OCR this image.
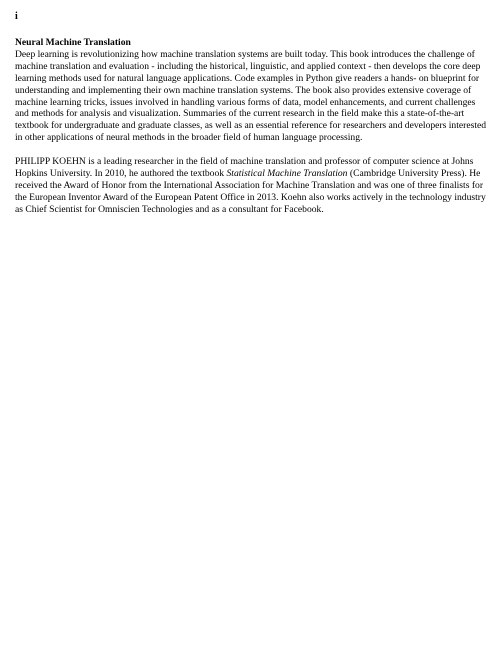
i

Neural Machine Translation

Deep learning is revolutionizing how machine translation systems are built today. This book introduces the challenge of machine translation and evaluation - including the historical, linguistic, and applied context - then develops the core deep learning methods used for natural language applications. Code examples in Python give readers a hands- on blueprint for understanding and implementing their own machine translation systems. The book also provides extensive coverage of machine learning tricks, issues involved in handling various forms of data, model enhancements, and current challenges and methods for analysis and visualization. Summaries of the current research in the field make this a state-of-the-art textbook for undergraduate and graduate classes, as well as an essential reference for researchers and developers interested in other applications of neural methods in the broader field of human language processing.

PHILIPP KOEHN is a leading researcher in the field of machine translation and professor of computer science at Johns Hopkins University. In 2010, he authored the textbook Statistical Machine Translation (Cambridge University Press). He received the Award of Honor from the International Association for Machine Translation and was one of three finalists for the European Inventor Award of the European Patent Office in 2013. Koehn also works actively in the technology industry as Chief Scientist for Omniscien Technologies and as a consultant for Facebook.
